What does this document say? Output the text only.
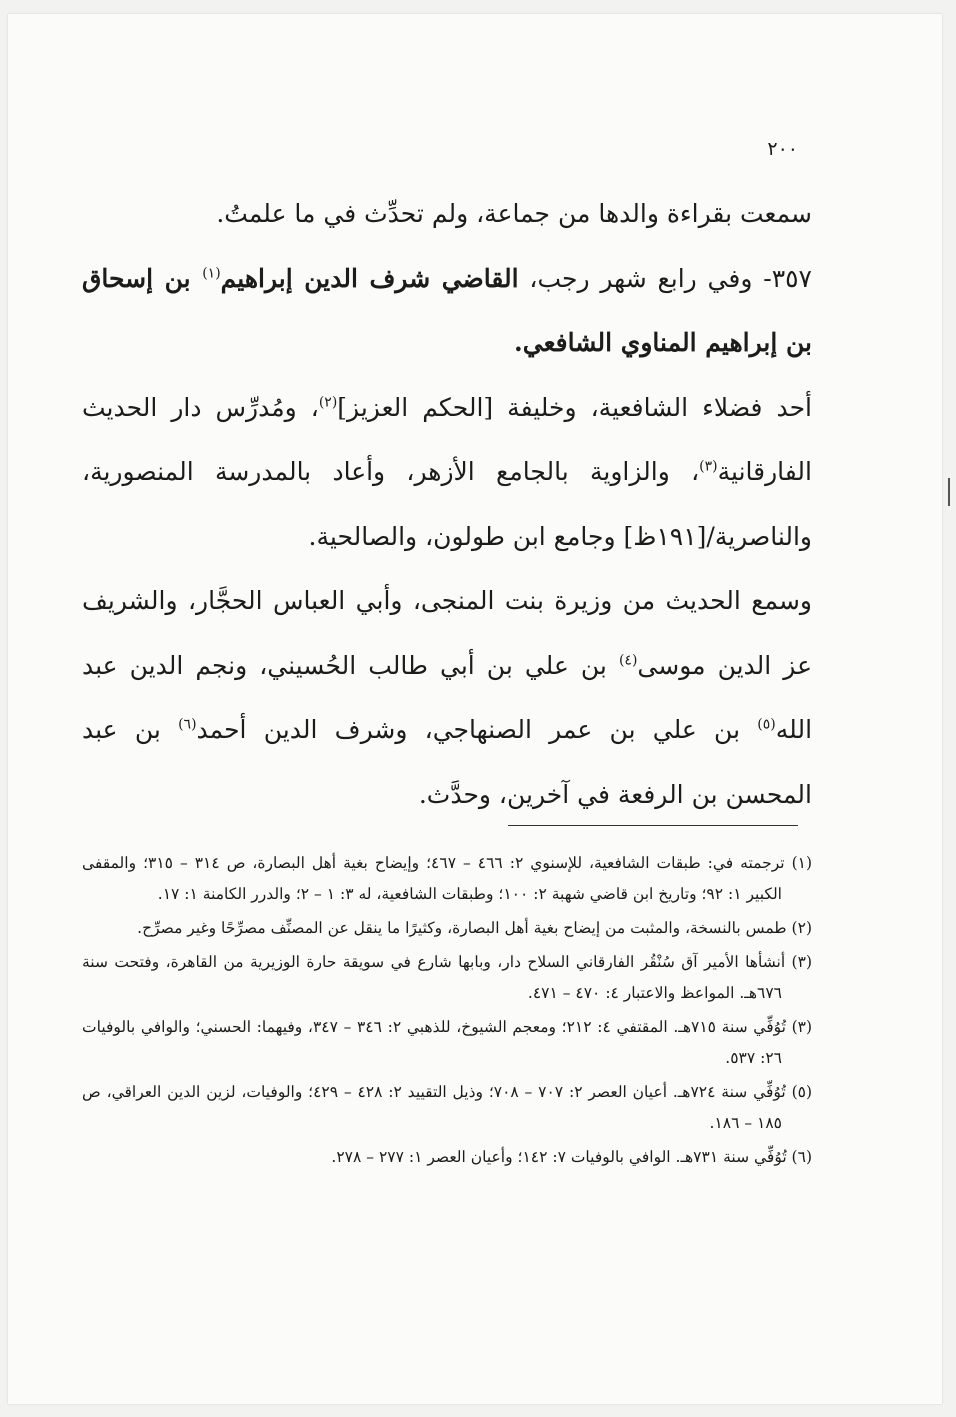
٢٠٠

سمعت بقراءة والدها من جماعة، ولم تحدِّث في ما علمتُ.

٣٥٧- وفي رابع شهر رجب، القاضي شرف الدين إبراهيم$^{(١)}$ بن إسحاق بن إبراهيم المناوي الشافعي.

أحد فضلاء الشافعية، وخليفة [الحكم العزيز]$^{(٢)}$، ومُدرِّس دار الحديث الفارقانية$^{(٣)}$، والزاوية بالجامع الأزهر، وأعاد بالمدرسة المنصورية، والناصرية/[١٩١ظ] وجامع ابن طولون، والصالحية.

وسمع الحديث من وزيرة بنت المنجى، وأبي العباس الحجَّار، والشريف عز الدين موسى$^{(٤)}$ بن علي بن أبي طالب الحُسيني، ونجم الدين عبد الله$^{(٥)}$ بن علي بن عمر الصنهاجي، وشرف الدين أحمد$^{(٦)}$ بن عبد المحسن بن الرفعة في آخرين، وحدَّث.

(١) ترجمته في: طبقات الشافعية، للإسنوي ٢: ٤٦٦ – ٤٦٧؛ وإيضاح بغية أهل البصارة، ص ٣١٤ – ٣١٥؛ والمقفى الكبير ١: ٩٢؛ وتاريخ ابن قاضي شهبة ٢: ١٠٠؛ وطبقات الشافعية، له ٣: ١ – ٢؛ والدرر الكامنة ١: ١٧.

(٢) طمس بالنسخة، والمثبت من إيضاح بغية أهل البصارة، وكثيرًا ما ينقل عن المصنِّف مصرِّحًا وغير مصرِّح.

(٣) أنشأها الأمير آق سُنْقُر الفارقاني السلاح دار، وبابها شارع في سويقة حارة الوزيرية من القاهرة، وفتحت سنة ٦٧٦هـ. المواعظ والاعتبار ٤: ٤٧٠ – ٤٧١.

(٣) تُوُفِّي سنة ٧١٥هـ. المقتفي ٤: ٢١٢؛ ومعجم الشيوخ، للذهبي ٢: ٣٤٦ – ٣٤٧، وفيهما: الحسني؛ والوافي بالوفيات ٢٦: ٥٣٧.

(٥) تُوُفِّي سنة ٧٢٤هـ. أعيان العصر ٢: ٧٠٧ – ٧٠٨؛ وذيل التقييد ٢: ٤٢٨ – ٤٢٩؛ والوفيات، لزين الدين العراقي، ص ١٨٥ – ١٨٦.

(٦) تُوُفِّي سنة ٧٣١هـ. الوافي بالوفيات ٧: ١٤٢؛ وأعيان العصر ١: ٢٧٧ – ٢٧٨.
